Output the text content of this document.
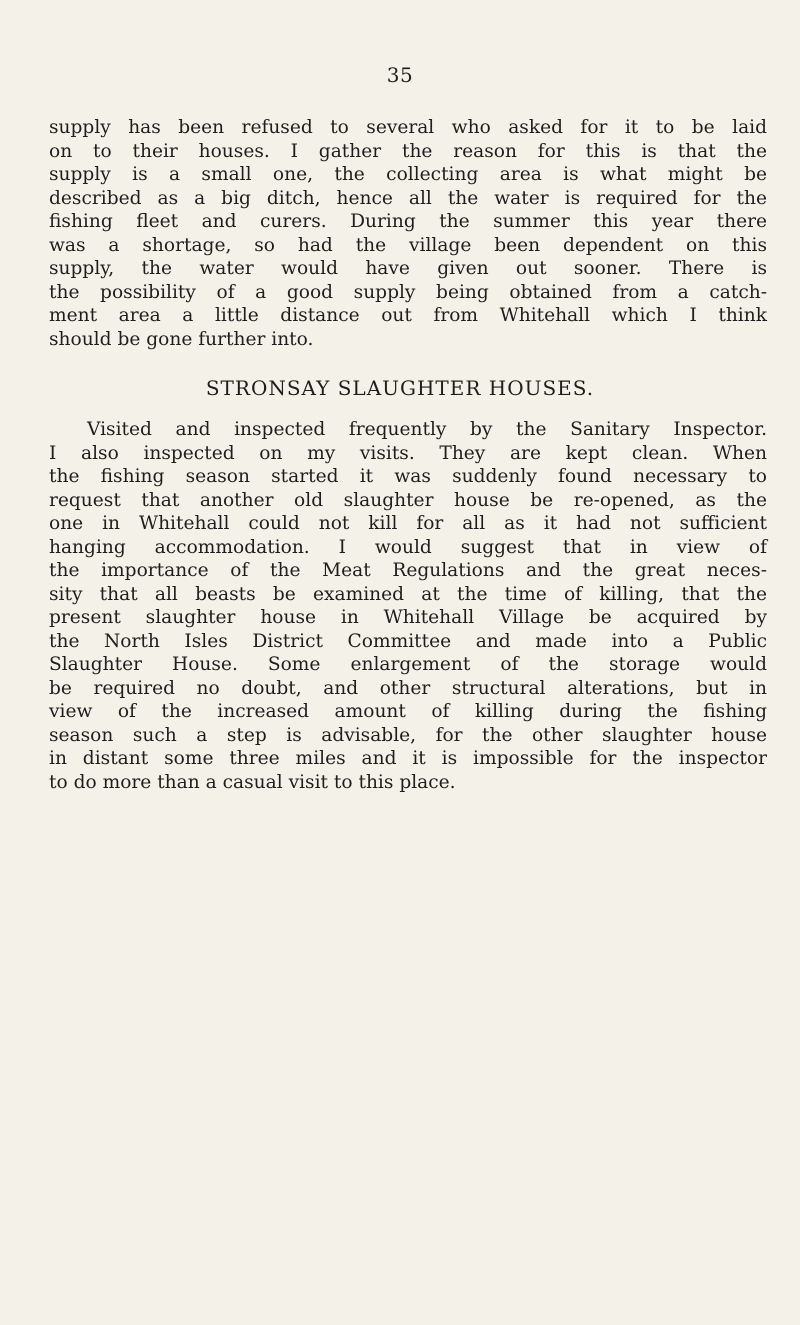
35
supply has been refused to several who asked for it to be laid
on to their houses. I gather the reason for this is that the
supply is a small one, the collecting area is what might be
described as a big ditch, hence all the water is required for the
fishing fleet and curers. During the summer this year there
was a shortage, so had the village been dependent on this
supply, the water would have given out sooner. There is
the possibility of a good supply being obtained from a catch-
ment area a little distance out from Whitehall which I think
should be gone further into.
STRONSAY SLAUGHTER HOUSES.
Visited and inspected frequently by the Sanitary Inspector.
I also inspected on my visits. They are kept clean. When
the fishing season started it was suddenly found necessary to
request that another old slaughter house be re-opened, as the
one in Whitehall could not kill for all as it had not sufficient
hanging accommodation. I would suggest that in view of
the importance of the Meat Regulations and the great neces-
sity that all beasts be examined at the time of killing, that the
present slaughter house in Whitehall Village be acquired by
the North Isles District Committee and made into a Public
Slaughter House. Some enlargement of the storage would
be required no doubt, and other structural alterations, but in
view of the increased amount of killing during the fishing
season such a step is advisable, for the other slaughter house
in distant some three miles and it is impossible for the inspector
to do more than a casual visit to this place.
